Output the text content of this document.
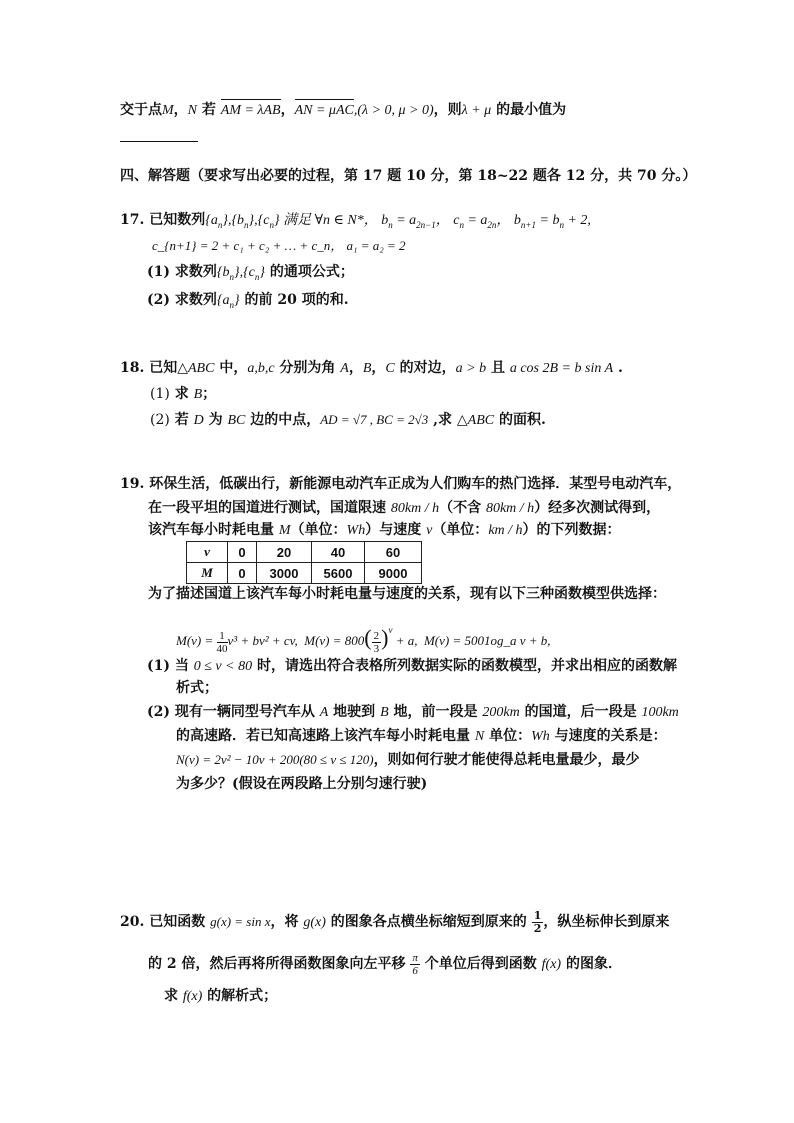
交于点M，N 若 AM = λAB，AN = μAC,(λ > 0, μ > 0)，则λ + μ 的最小值为
四、解答题（要求写出必要的过程，第 17 题 10 分，第 18~22 题各 12 分，共 70 分。）
17. 已知数列$\{a_n\},\{b_n\},\{c_n\}$ 满足 ∀n ∈ N*， $b_n = a_{2n-1}$， $c_n = a_{2n}$， $b_{n+1} = b_n + 2$,
c_{n+1} = 2 + c₁ + c₂ + … + c_n， a₁ = a₂ = 2
(1) 求数列$\{b_n\},\{c_n\}$ 的通项公式；
(2) 求数列$\{a_n\}$ 的前 20 项的和.
18. 已知△ABC 中，a,b,c 分别为角 A，B，C 的对边，a > b 且 a cos 2B = b sin A .
(1) 求 B；
(2) 若 D 为 BC 边的中点，AD = √7 , BC = 2√3 ,求 △ABC 的面积.
19. 环保生活，低碳出行，新能源电动汽车正成为人们购车的热门选择．某型号电动汽车，
在一段平坦的国道进行测试，国道限速 80km / h（不含 80km / h）经多次测试得到，
该汽车每小时耗电量 M（单位：Wh）与速度 v（单位：km / h）的下列数据：
v	0	20	40	60
M	0	3000	5600	9000
为了描述国道上该汽车每小时耗电量与速度的关系，现有以下三种函数模型供选择：
$M(v) = \frac{1}{40} v^3 + bv^2$ + cv, $M(v) = 800( \frac{2}{3} )^v + a$, M(v) = 5001og_a v + b,
(1) 当 0 ≤ v < 80 时，请选出符合表格所列数据实际的函数模型，并求出相应的函数解
析式；
(2) 现有一辆同型号汽车从 A 地驶到 B 地，前一段是 200km 的国道，后一段是 100km
的高速路．若已知高速路上该汽车每小时耗电量 N 单位：Wh 与速度的关系是：
N(v) = 2v² − 10v + 200(80 ≤ v ≤ 120)，则如何行驶才能使得总耗电量最少，最少
为多少？(假设在两段路上分别匀速行驶)
20. 已知函数 g(x) = sin x，将 g(x) 的图象各点横坐标缩短到原来的 $\frac{1}{2}$ ，纵坐标伸长到原来
的 2 倍，然后再将所得函数图象向左平移 $\frac{\pi}{6}$ 个单位后得到函数 f(x) 的图象．
求 f(x) 的解析式；
